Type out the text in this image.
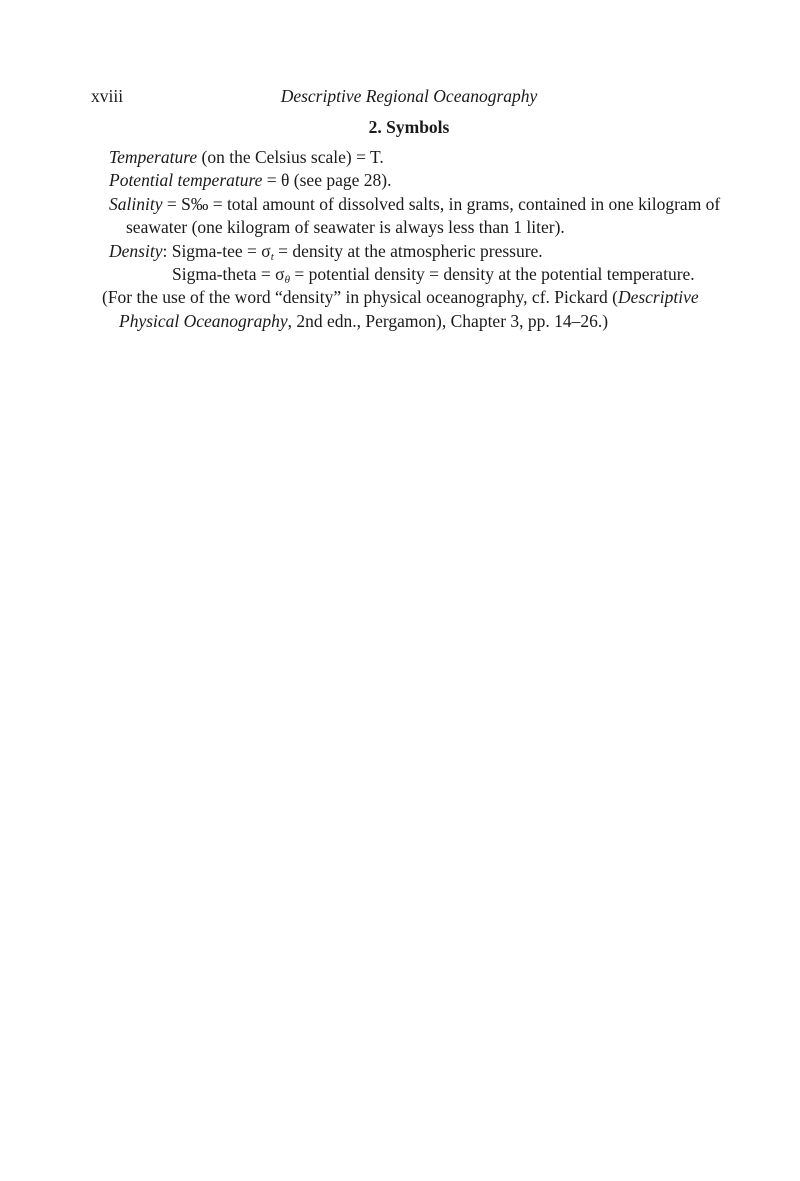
xviii	Descriptive Regional Oceanography
2. Symbols

Temperature (on the Celsius scale) = T.

Potential temperature = θ (see page 28).

Salinity = S‰ = total amount of dissolved salts, in grams, contained in one kilogram of seawater (one kilogram of seawater is always less than 1 liter).

Density: Sigma-tee = $\sigma_t$ = density at the atmospheric pressure.

Sigma-theta = $\sigma_\theta$ = potential density = density at the potential temperature.

(For the use of the word “density” in physical oceanography, cf. Pickard (Descriptive Physical Oceanography, 2nd edn., Pergamon), Chapter 3, pp. 14–26.)
